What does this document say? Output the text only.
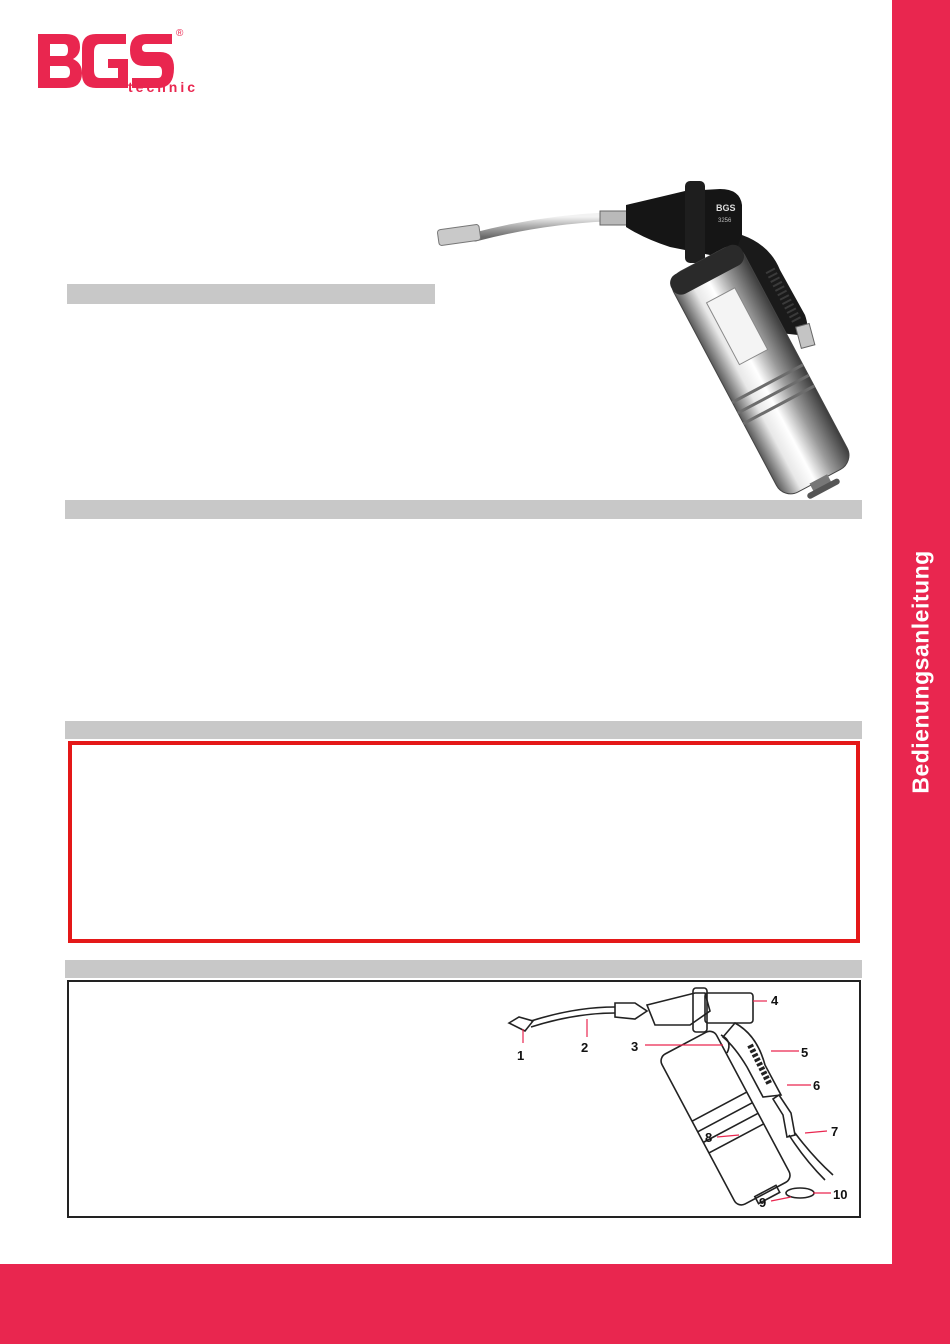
technic
®
BGS
3256
1
2	3
4
5
6
7
8
9
10
Bedienungsanleitung
